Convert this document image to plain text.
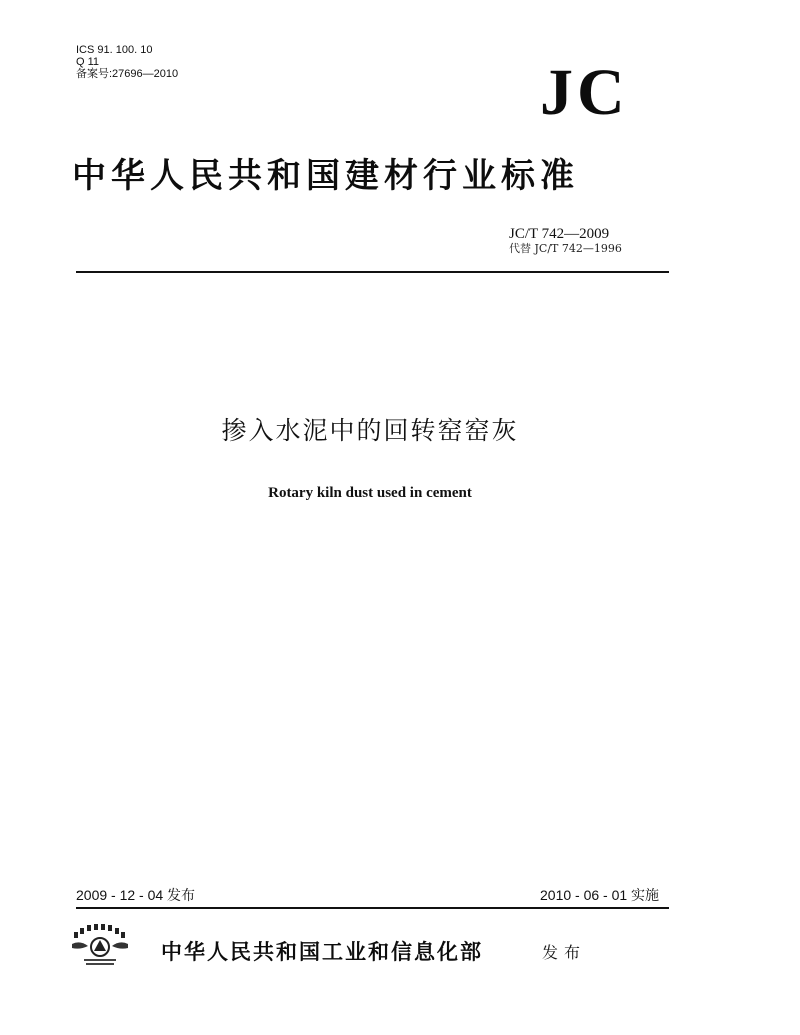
ICS 91. 100. 10
Q 11
备案号:27696—2010	JC
中华人民共和国建材行业标准
JC/T 742—2009
代替 JC/T 742—1996
掺入水泥中的回转窑窑灰
Rotary kiln dust used in cement
2009 - 12 - 04 发布	2010 - 06 - 01 实施
中华人民共和国工业和信息化部	发布
